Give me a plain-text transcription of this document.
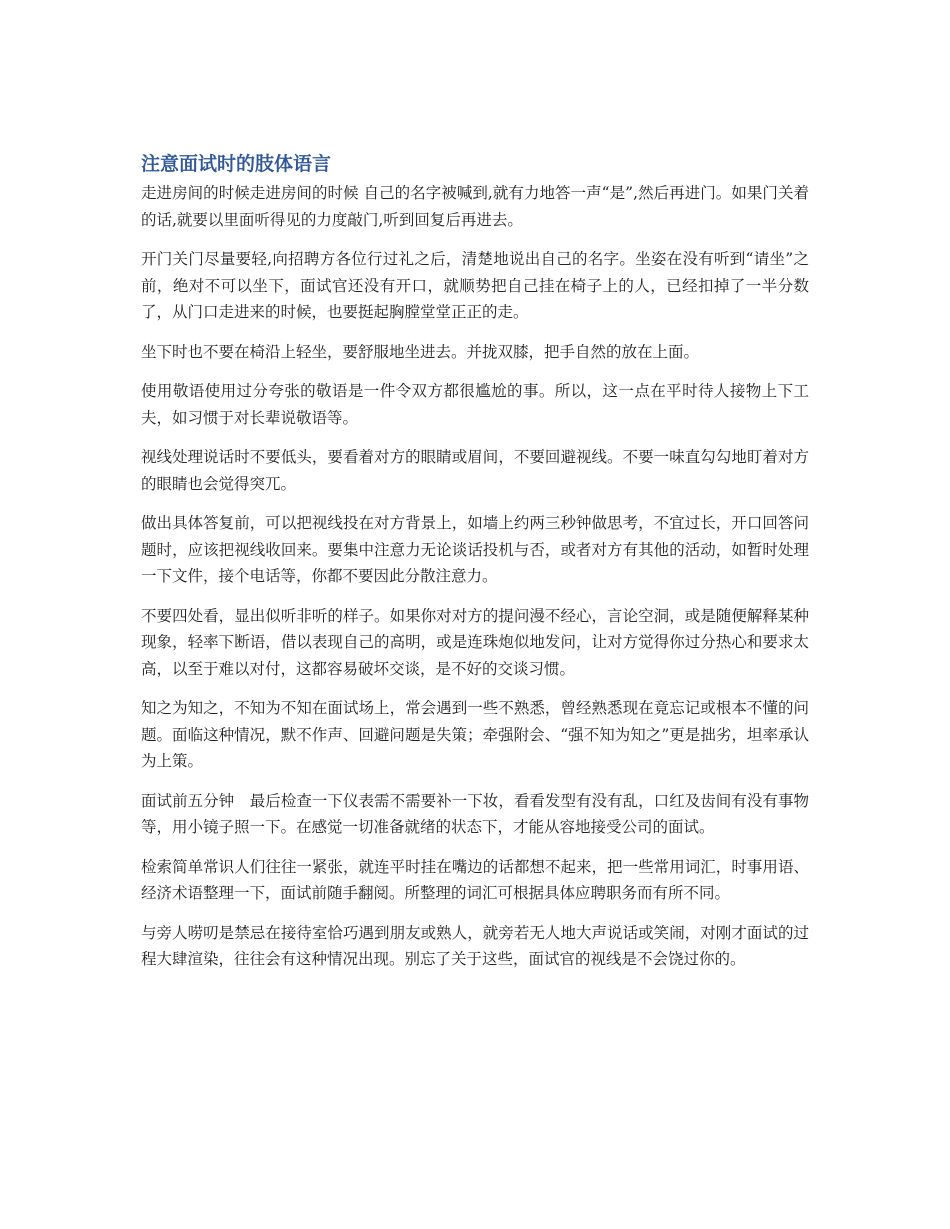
注意面试时的肢体语言

走进房间的时候走进房间的时候 自己的名字被喊到,就有力地答一声“是”,然后再进门。如果门关着的话,就要以里面听得见的力度敲门,听到回复后再进去。

开门关门尽量要轻,向招聘方各位行过礼之后，清楚地说出自己的名字。坐姿在没有听到“请坐”之前，绝对不可以坐下，面试官还没有开口，就顺势把自己挂在椅子上的人，已经扣掉了一半分数了，从门口走进来的时候，也要挺起胸膛堂堂正正的走。

坐下时也不要在椅沿上轻坐，要舒服地坐进去。并拢双膝，把手自然的放在上面。

使用敬语使用过分夸张的敬语是一件令双方都很尴尬的事。所以，这一点在平时待人接物上下工夫，如习惯于对长辈说敬语等。

视线处理说话时不要低头，要看着对方的眼睛或眉间，不要回避视线。不要一味直勾勾地盯着对方的眼睛也会觉得突兀。

做出具体答复前，可以把视线投在对方背景上，如墙上约两三秒钟做思考，不宜过长，开口回答问题时，应该把视线收回来。要集中注意力无论谈话投机与否，或者对方有其他的活动，如暂时处理一下文件，接个电话等，你都不要因此分散注意力。

不要四处看，显出似听非听的样子。如果你对对方的提问漫不经心，言论空洞，或是随便解释某种现象，轻率下断语，借以表现自己的高明，或是连珠炮似地发问，让对方觉得你过分热心和要求太高，以至于难以对付，这都容易破坏交谈，是不好的交谈习惯。

知之为知之，不知为不知在面试场上，常会遇到一些不熟悉，曾经熟悉现在竟忘记或根本不懂的问题。面临这种情况，默不作声、回避问题是失策；牵强附会、“强不知为知之”更是拙劣，坦率承认为上策。

面试前五分钟　最后检查一下仪表需不需要补一下妆，看看发型有没有乱，口红及齿间有没有事物等，用小镜子照一下。在感觉一切准备就绪的状态下，才能从容地接受公司的面试。

检索简单常识人们往往一紧张，就连平时挂在嘴边的话都想不起来，把一些常用词汇，时事用语、经济术语整理一下，面试前随手翻阅。所整理的词汇可根据具体应聘职务而有所不同。

与旁人唠叨是禁忌在接待室恰巧遇到朋友或熟人，就旁若无人地大声说话或笑闹，对刚才面试的过程大肆渲染，往往会有这种情况出现。别忘了关于这些，面试官的视线是不会饶过你的。
